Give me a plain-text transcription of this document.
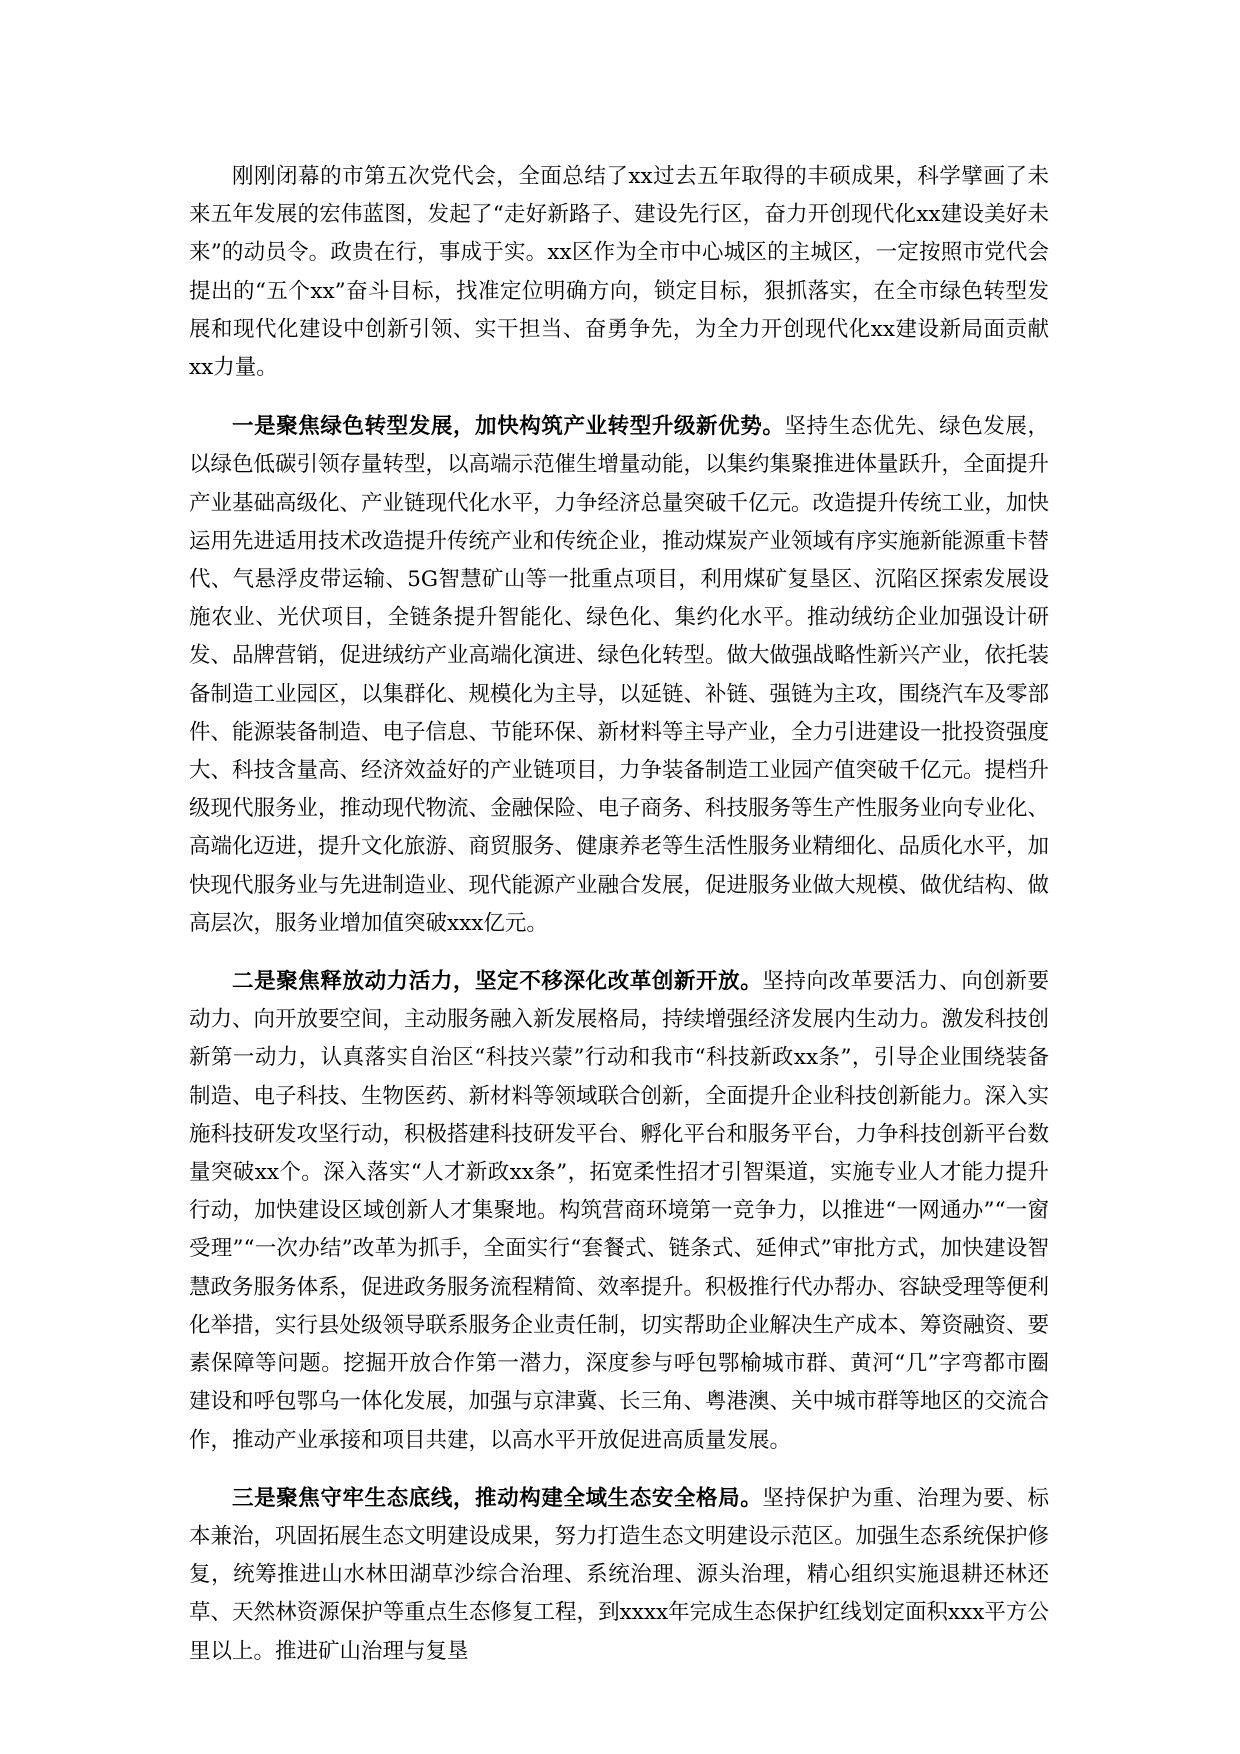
刚刚闭幕的市第五次党代会，全面总结了xx过去五年取得的丰硕成果，科学擘画了未来五年发展的宏伟蓝图，发起了“走好新路子、建设先行区，奋力开创现代化xx建设美好未来”的动员令。政贵在行，事成于实。xx区作为全市中心城区的主城区，一定按照市党代会提出的“五个xx”奋斗目标，找准定位明确方向，锁定目标，狠抓落实，在全市绿色转型发展和现代化建设中创新引领、实干担当、奋勇争先，为全力开创现代化xx建设新局面贡献xx力量。

一是聚焦绿色转型发展，加快构筑产业转型升级新优势。坚持生态优先、绿色发展，以绿色低碳引领存量转型，以高端示范催生增量动能，以集约集聚推进体量跃升，全面提升产业基础高级化、产业链现代化水平，力争经济总量突破千亿元。改造提升传统工业，加快运用先进适用技术改造提升传统产业和传统企业，推动煤炭产业领域有序实施新能源重卡替代、气悬浮皮带运输、5G智慧矿山等一批重点项目，利用煤矿复垦区、沉陷区探索发展设施农业、光伏项目，全链条提升智能化、绿色化、集约化水平。推动绒纺企业加强设计研发、品牌营销，促进绒纺产业高端化演进、绿色化转型。做大做强战略性新兴产业，依托装备制造工业园区，以集群化、规模化为主导，以延链、补链、强链为主攻，围绕汽车及零部件、能源装备制造、电子信息、节能环保、新材料等主导产业，全力引进建设一批投资强度大、科技含量高、经济效益好的产业链项目，力争装备制造工业园产值突破千亿元。提档升级现代服务业，推动现代物流、金融保险、电子商务、科技服务等生产性服务业向专业化、高端化迈进，提升文化旅游、商贸服务、健康养老等生活性服务业精细化、品质化水平，加快现代服务业与先进制造业、现代能源产业融合发展，促进服务业做大规模、做优结构、做高层次，服务业增加值突破xxx亿元。

二是聚焦释放动力活力，坚定不移深化改革创新开放。坚持向改革要活力、向创新要动力、向开放要空间，主动服务融入新发展格局，持续增强经济发展内生动力。激发科技创新第一动力，认真落实自治区“科技兴蒙”行动和我市“科技新政xx条”，引导企业围绕装备制造、电子科技、生物医药、新材料等领域联合创新，全面提升企业科技创新能力。深入实施科技研发攻坚行动，积极搭建科技研发平台、孵化平台和服务平台，力争科技创新平台数量突破xx个。深入落实“人才新政xx条”，拓宽柔性招才引智渠道，实施专业人才能力提升行动，加快建设区域创新人才集聚地。构筑营商环境第一竞争力，以推进“一网通办”“一窗受理”“一次办结”改革为抓手，全面实行“套餐式、链条式、延伸式”审批方式，加快建设智慧政务服务体系，促进政务服务流程精简、效率提升。积极推行代办帮办、容缺受理等便利化举措，实行县处级领导联系服务企业责任制，切实帮助企业解决生产成本、筹资融资、要素保障等问题。挖掘开放合作第一潜力，深度参与呼包鄂榆城市群、黄河“几”字弯都市圈建设和呼包鄂乌一体化发展，加强与京津冀、长三角、粤港澳、关中城市群等地区的交流合作，推动产业承接和项目共建，以高水平开放促进高质量发展。

三是聚焦守牢生态底线，推动构建全域生态安全格局。坚持保护为重、治理为要、标本兼治，巩固拓展生态文明建设成果，努力打造生态文明建设示范区。加强生态系统保护修复，统筹推进山水林田湖草沙综合治理、系统治理、源头治理，精心组织实施退耕还林还草、天然林资源保护等重点生态修复工程，到xxxx年完成生态保护红线划定面积xxx平方公里以上。推进矿山治理与复垦
